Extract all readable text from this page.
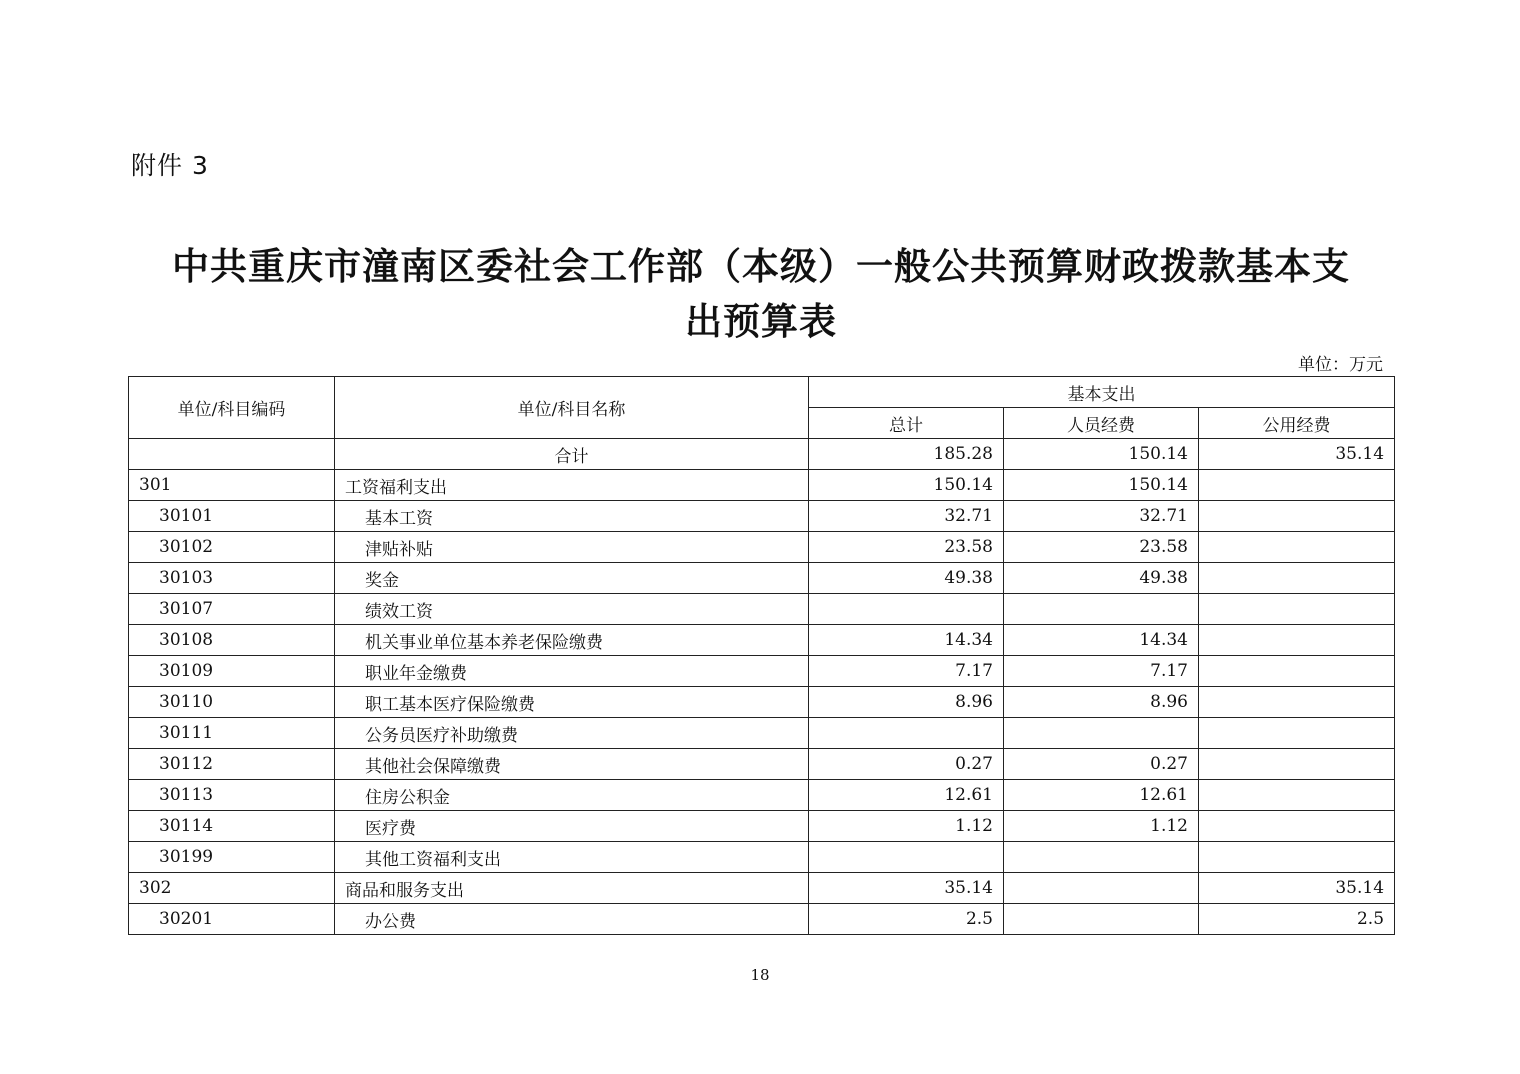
附件 3
中共重庆市潼南区委社会工作部（本级）一般公共预算财政拨款基本支
出预算表
单位：万元
单位/科目编码	单位/科目名称	基本支出		
		总计	人员经费	公用经费
	合计	185.28	150.14	35.14
301	工资福利支出	150.14	150.14	
30101	基本工资	32.71	32.71	
30102	津贴补贴	23.58	23.58	
30103	奖金	49.38	49.38	
30107	绩效工资			
30108	机关事业单位基本养老保险缴费	14.34	14.34	
30109	职业年金缴费	7.17	7.17	
30110	职工基本医疗保险缴费	8.96	8.96	
30111	公务员医疗补助缴费			
30112	其他社会保障缴费	0.27	0.27	
30113	住房公积金	12.61	12.61	
30114	医疗费	1.12	1.12	
30199	其他工资福利支出			
302	商品和服务支出	35.14		35.14
30201	办公费	2.5		2.5
18
